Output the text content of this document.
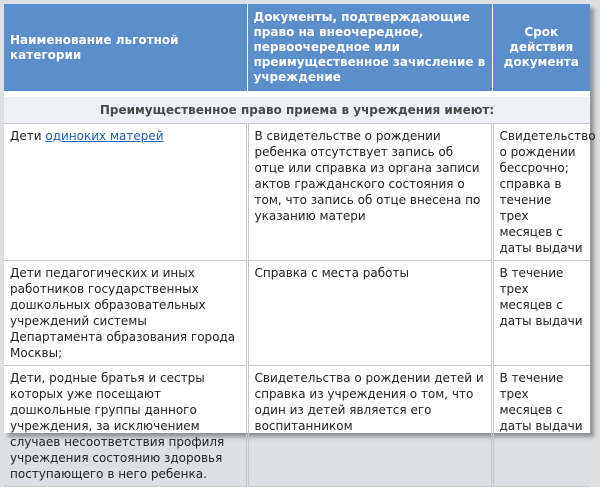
Наименование льготной категории	Документы, подтверждающие право на внеочередное, первоочередное или преимущественное зачисление в учреждение	Срок действия документа

Преимущественное право приема в учреждения имеют:		
Дети одиноких матерей	В свидетельстве о рождении ребенка отсутствует запись об отце или справка из органа записи актов гражданского состояния о том, что запись об отце внесена по указанию матери	Свидетельство о рождении бессрочно; справка в течение трех месяцев с даты выдачи
Дети педагогических и иных работников государственных дошкольных образовательных учреждений системы Департамента образования города Москвы;	Справка с места работы	В течение трех месяцев с даты выдачи
Дети, родные братья и сестры которых уже посещают дошкольные группы данного учреждения, за исключением случаев несоответствия профиля учреждения состоянию здоровья поступающего в него ребенка.	Свидетельства о рождении детей и справка из учреждения о том, что один из детей является его воспитанником	В течение трех месяцев с даты выдачи
